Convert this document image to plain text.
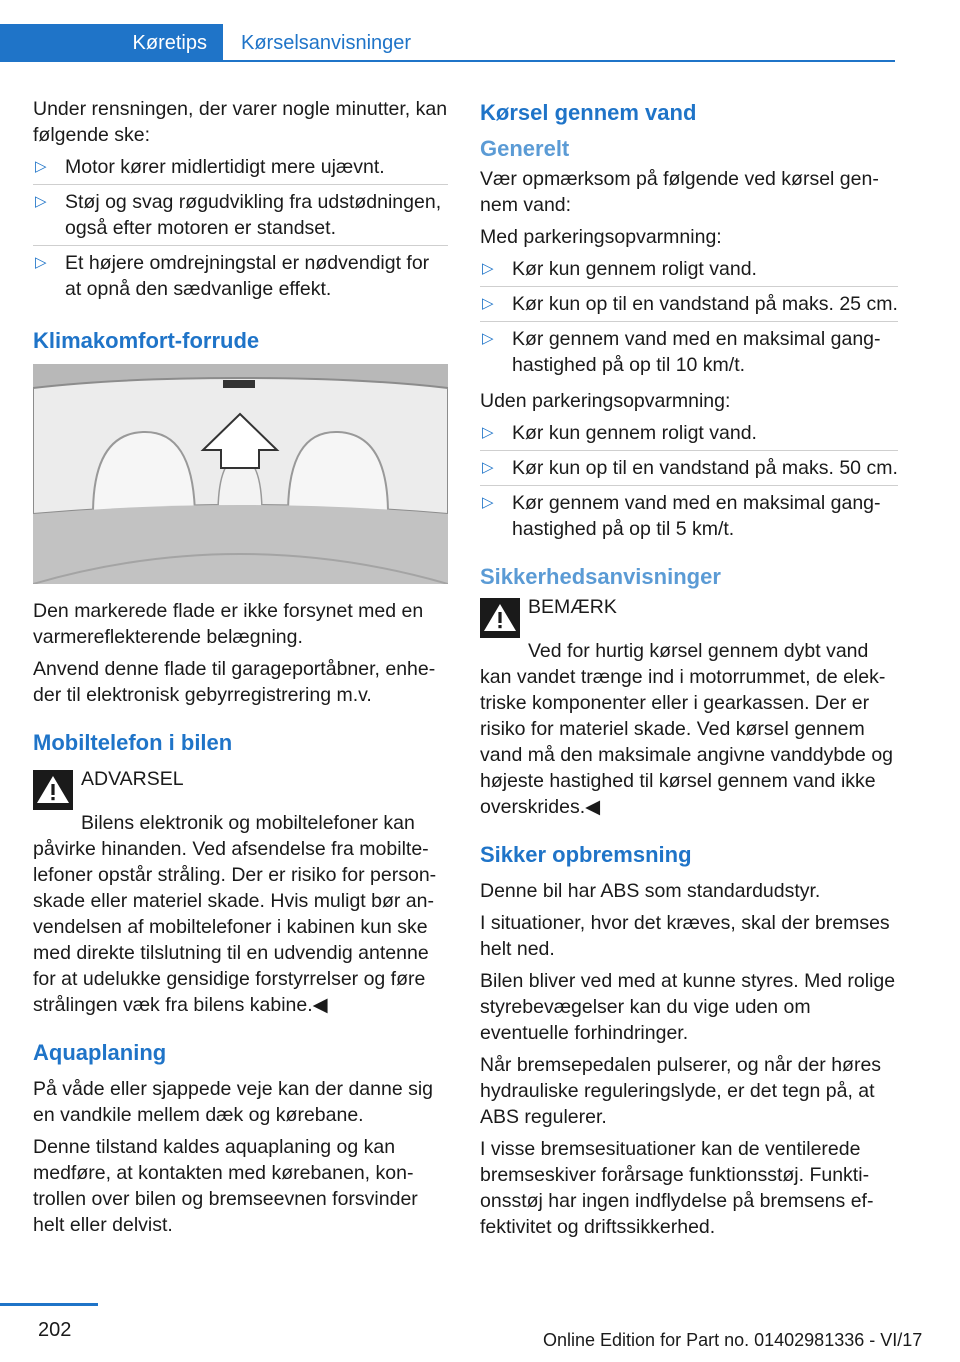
Køretips	Kørselsanvisninger

Under rensningen, der varer nogle minutter, kan følgende ske:

▷ Motor kører midlertidigt mere ujævnt.
▷ Støj og svag røgudvikling fra udstødningen, også efter motoren er standset.
▷ Et højere omdrejningstal er nødvendigt for at opnå den sædvanlige effekt.
Klimakomfort-forrude

Den markerede flade er ikke forsynet med en varmereflekterende belægning.

Anvend denne flade til garageportåbner, enheder til elektronisk gebyrregistrering m.v.

Mobiltelefon i bilen
ADVARSEL

Bilens elektronik og mobiltelefoner kan påvirke hinanden. Ved afsendelse fra mobiltelefoner opstår stråling. Der er risiko for personskade eller materiel skade. Hvis muligt bør anvendelsen af mobiltelefoner i kabinen kun ske med direkte tilslutning til en udvendig antenne for at udelukke gensidige forstyrrelser og føre strålingen væk fra bilens kabine.◀

Aquaplaning

På våde eller sjappede veje kan der danne sig en vandkile mellem dæk og kørebane.

Denne tilstand kaldes aquaplaning og kan medføre, at kontakten med kørebanen, kontrollen over bilen og bremseevnen forsvinder helt eller delvist.

Kørsel gennem vand
Generelt

Vær opmærksom på følgende ved kørsel gennem vand:

Med parkeringsopvarmning:

▷ Kør kun gennem roligt vand.
▷ Kør kun op til en vandstand på maks. 25 cm.
▷ Kør gennem vand med en maksimal ganghastighed på op til 10 km/t.

Uden parkeringsopvarmning:

▷ Kør kun gennem roligt vand.
▷ Kør kun op til en vandstand på maks. 50 cm.
▷ Kør gennem vand med en maksimal ganghastighed på op til 5 km/t.
Sikkerhedsanvisninger
BEMÆRK

Ved for hurtig kørsel gennem dybt vand kan vandet trænge ind i motorrummet, de elektriske komponenter eller i gearkassen. Der er risiko for materiel skade. Ved kørsel gennem vand må den maksimale angivne vanddybde og højeste hastighed til kørsel gennem vand ikke overskrides.◀

Sikker opbremsning

Denne bil har ABS som standardudstyr.

I situationer, hvor det kræves, skal der bremses helt ned.

Bilen bliver ved med at kunne styres. Med rolige styrebevægelser kan du vige uden om eventuelle forhindringer.

Når bremsepedalen pulserer, og når der høres hydrauliske reguleringslyde, er det tegn på, at ABS regulerer.

I visse bremsesituationer kan de ventilerede bremseskiver forårsage funktionsstøj. Funktionsstøj har ingen indflydelse på bremsens effektivitet og driftssikkerhed.

202	Online Edition for Part no. 01402981336 - VI/17
